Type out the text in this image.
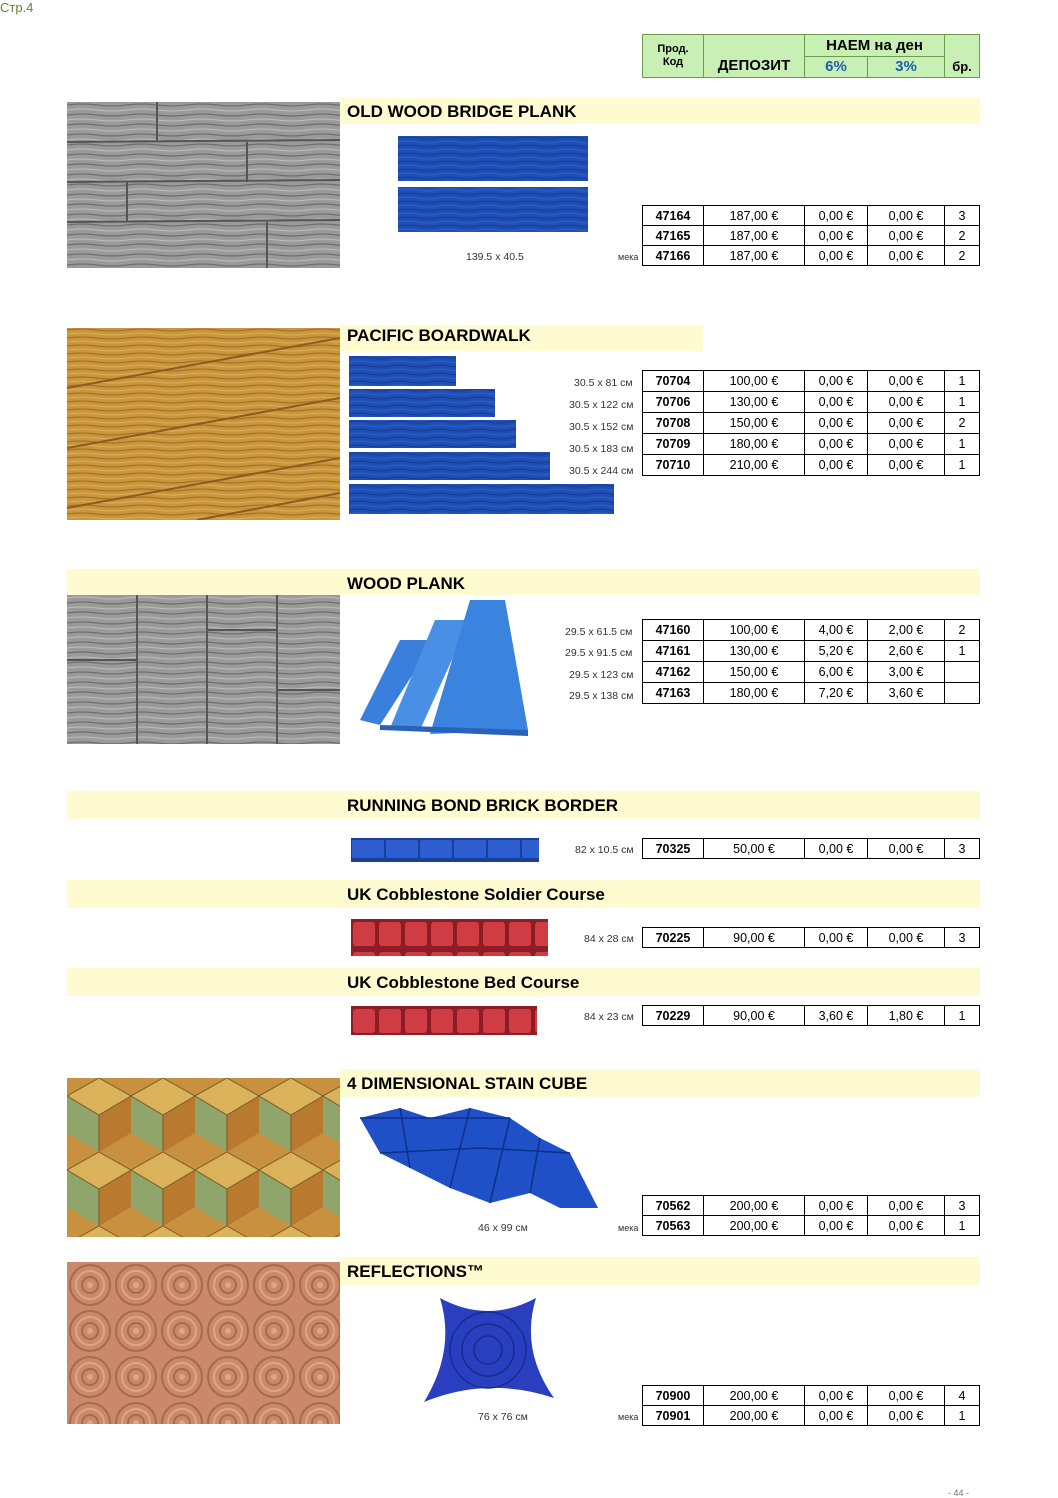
Стр.4
Прод.
Код	ДЕПОЗИТ	НАЕМ на ден		бр.
		6%	3%	
OLD WOOD BRIDGE PLANK
139.5 x 40.5	мека
47164	187,00 €	0,00 €	0,00 €	3
47165	187,00 €	0,00 €	0,00 €	2
47166	187,00 €	0,00 €	0,00 €	2
PACIFIC BOARDWALK
30.5 x 81 см
30.5 x 122 см
30.5 x 152 см
30.5 x 183 см
30.5 x 244 см
70704	100,00 €	0,00 €	0,00 €	1
70706	130,00 €	0,00 €	0,00 €	1
70708	150,00 €	0,00 €	0,00 €	2
70709	180,00 €	0,00 €	0,00 €	1
70710	210,00 €	0,00 €	0,00 €	1
WOOD PLANK
29.5 x 61.5 см
29.5 x 91.5 см
29.5 x 123 см
29.5 x 138 см
47160	100,00 €	4,00 €	2,00 €	2
47161	130,00 €	5,20 €	2,60 €	1
47162	150,00 €	6,00 €	3,00 €	
47163	180,00 €	7,20 €	3,60 €	
RUNNING BOND BRICK BORDER
82 x 10.5 см 70325	50,00 €	0,00 €	0,00 €	3
UK Cobblestone Soldier Course
84 x 28 см 70225	90,00 €	0,00 €	0,00 €	3
UK Cobblestone Bed Course
84 x 23 см 70229	90,00 €	3,60 €	1,80 €	1
4 DIMENSIONAL STAIN CUBE
46 x 99 см	мека
70562	200,00 €	0,00 €	0,00 €	3
70563	200,00 €	0,00 €	0,00 €	1
REFLECTIONS™
76 x 76 см	мека
70900	200,00 €	0,00 €	0,00 €	4
70901	200,00 €	0,00 €	0,00 €	1
- 44 -
